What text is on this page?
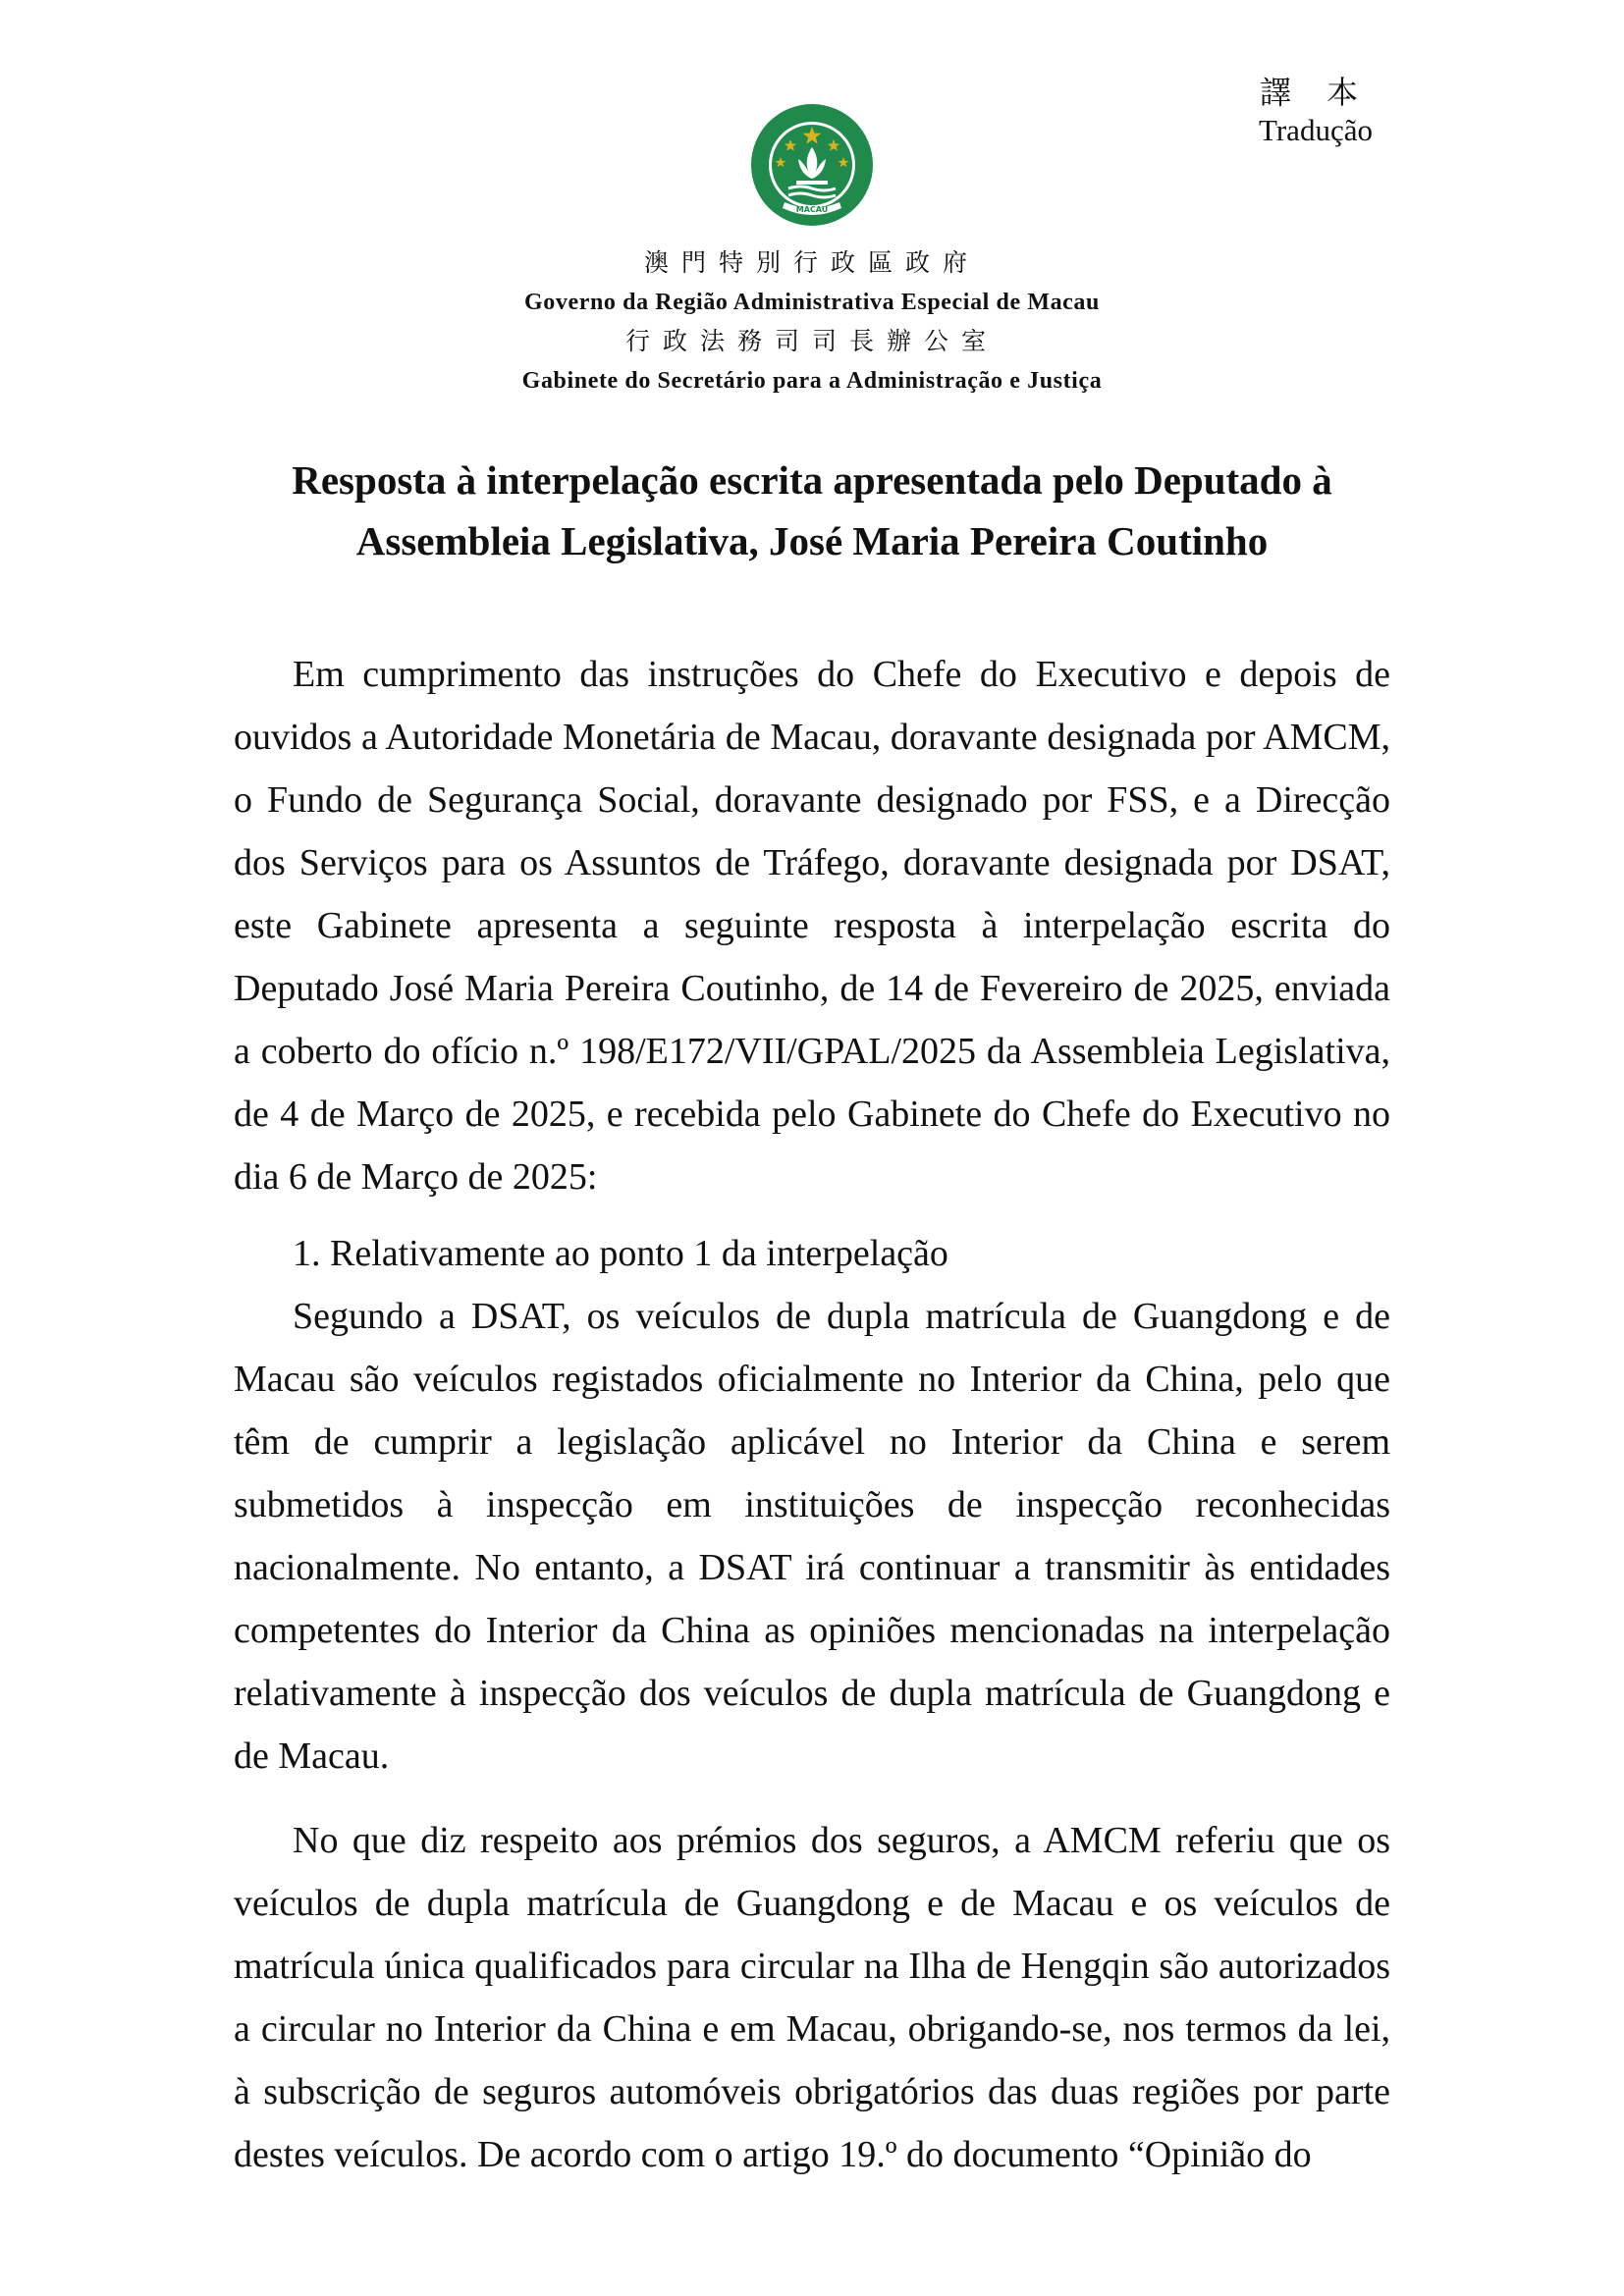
譯 本
Tradução
MACAU
澳門特別行政區政府
Governo da Região Administrativa Especial de Macau
行政法務司司長辦公室
Gabinete do Secretário para a Administração e Justiça
Resposta à interpelação escrita apresentada pelo Deputado à
Assembleia Legislativa, José Maria Pereira Coutinho

Em cumprimento das instruções do Chefe do Executivo e depois de ouvidos a Autoridade Monetária de Macau, doravante designada por AMCM, o Fundo de Segurança Social, doravante designado por FSS, e a Direcção dos Serviços para os Assuntos de Tráfego, doravante designada por DSAT, este Gabinete apresenta a seguinte resposta à interpelação escrita do Deputado José Maria Pereira Coutinho, de 14 de Fevereiro de 2025, enviada a coberto do ofício n.º 198/E172/VII/GPAL/2025 da Assembleia Legislativa, de 4 de Março de 2025, e recebida pelo Gabinete do Chefe do Executivo no dia 6 de Março de 2025:

1. Relativamente ao ponto 1 da interpelação

Segundo a DSAT, os veículos de dupla matrícula de Guangdong e de Macau são veículos registados oficialmente no Interior da China, pelo que têm de cumprir a legislação aplicável no Interior da China e serem submetidos à inspecção em instituições de inspecção reconhecidas nacionalmente. No entanto, a DSAT irá continuar a transmitir às entidades competentes do Interior da China as opiniões mencionadas na interpelação relativamente à inspecção dos veículos de dupla matrícula de Guangdong e de Macau.

No que diz respeito aos prémios dos seguros, a AMCM referiu que os veículos de dupla matrícula de Guangdong e de Macau e os veículos de matrícula única qualificados para circular na Ilha de Hengqin são autorizados a circular no Interior da China e em Macau, obrigando-se, nos termos da lei, à subscrição de seguros automóveis obrigatórios das duas regiões por parte destes veículos. De acordo com o artigo 19.º do documento “Opinião do
